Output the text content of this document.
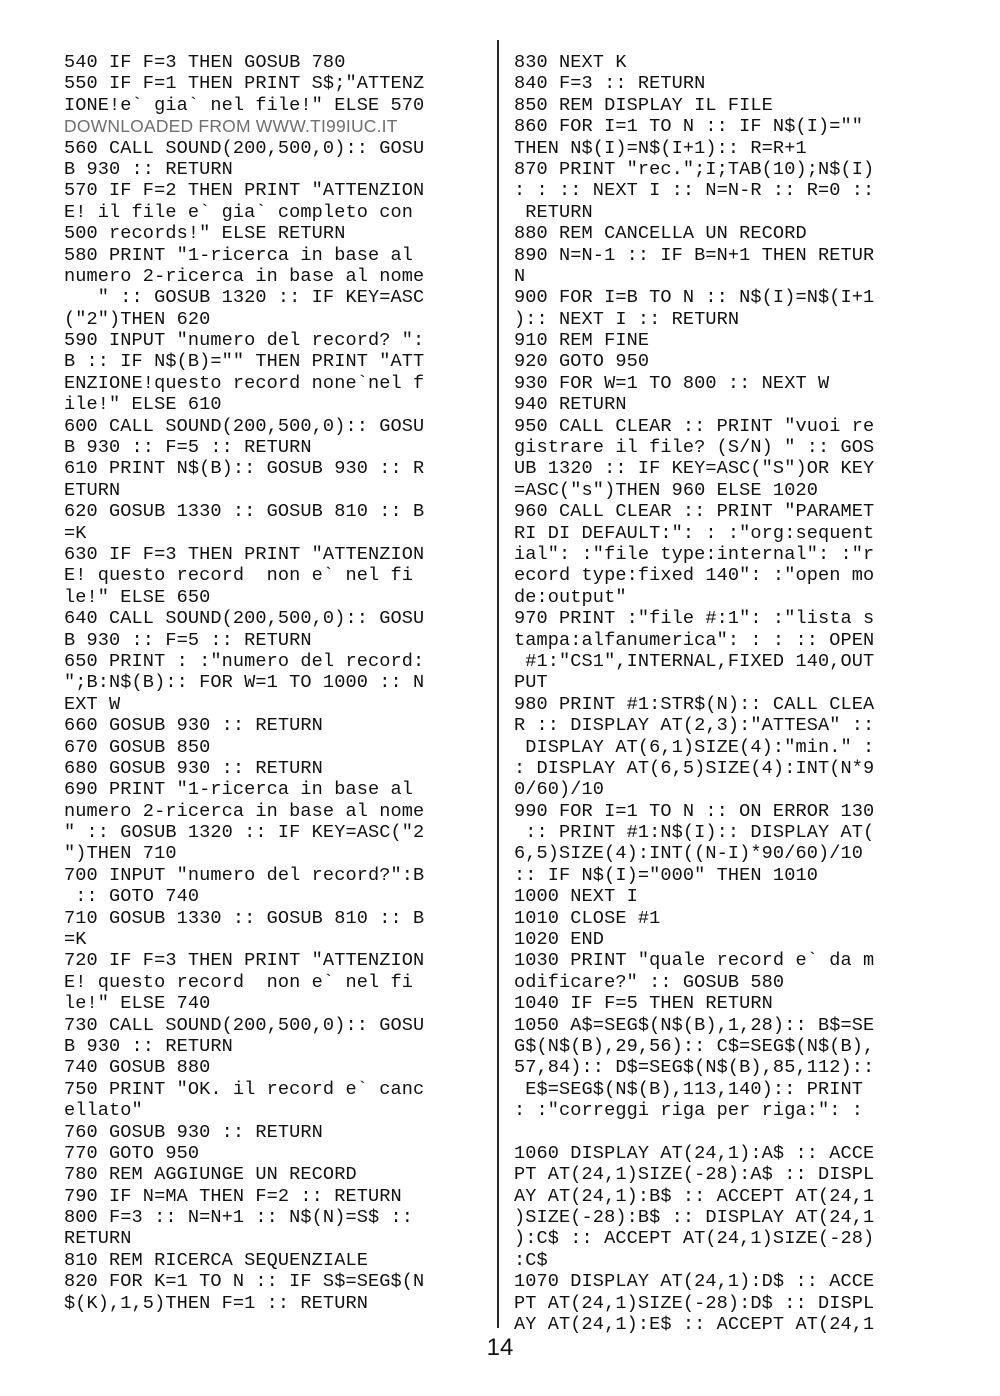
540 IF F=3 THEN GOSUB 780
550 IF F=1 THEN PRINT S$;"ATTENZ
IONE!e` gia` nel file!" ELSE 570
DOWNLOADED FROM WWW.TI99IUC.IT
560 CALL SOUND(200,500,0):: GOSU
B 930 :: RETURN
570 IF F=2 THEN PRINT "ATTENZION
E! il file e` gia` completo con
500 records!" ELSE RETURN
580 PRINT "1-ricerca in base al
numero 2-ricerca in base al nome
" :: GOSUB 1320 :: IF KEY=ASC
("2")THEN 620
590 INPUT "numero del record? ":
B :: IF N$(B)="" THEN PRINT "ATT
ENZIONE!questo record none`nel f
ile!" ELSE 610
600 CALL SOUND(200,500,0):: GOSU
B 930 :: F=5 :: RETURN
610 PRINT N$(B):: GOSUB 930 :: R
ETURN
620 GOSUB 1330 :: GOSUB 810 :: B
=K
630 IF F=3 THEN PRINT "ATTENZION
E! questo record  non e` nel fi
le!" ELSE 650
640 CALL SOUND(200,500,0):: GOSU
B 930 :: F=5 :: RETURN
650 PRINT : :"numero del record:
";B:N$(B):: FOR W=1 TO 1000 :: N
EXT W
660 GOSUB 930 :: RETURN
670 GOSUB 850
680 GOSUB 930 :: RETURN
690 PRINT "1-ricerca in base al
numero 2-ricerca in base al nome
" :: GOSUB 1320 :: IF KEY=ASC("2
")THEN 710
700 INPUT "numero del record?":B
:: GOTO 740
710 GOSUB 1330 :: GOSUB 810 :: B
=K
720 IF F=3 THEN PRINT "ATTENZION
E! questo record  non e` nel fi
le!" ELSE 740
730 CALL SOUND(200,500,0):: GOSU
B 930 :: RETURN
740 GOSUB 880
750 PRINT "OK. il record e` canc
ellato"
760 GOSUB 930 :: RETURN
770 GOTO 950
780 REM AGGIUNGE UN RECORD
790 IF N=MA THEN F=2 :: RETURN
800 F=3 :: N=N+1 :: N$(N)=S$ ::
RETURN
810 REM RICERCA SEQUENZIALE
820 FOR K=1 TO N :: IF S$=SEG$(N
$(K),1,5)THEN F=1 :: RETURN
830 NEXT K
840 F=3 :: RETURN
850 REM DISPLAY IL FILE
860 FOR I=1 TO N :: IF N$(I)=""
THEN N$(I)=N$(I+1):: R=R+1
870 PRINT "rec.";I;TAB(10);N$(I)
: : :: NEXT I :: N=N-R :: R=0 ::
RETURN
880 REM CANCELLA UN RECORD
890 N=N-1 :: IF B=N+1 THEN RETUR
N
900 FOR I=B TO N :: N$(I)=N$(I+1
):: NEXT I :: RETURN
910 REM FINE
920 GOTO 950
930 FOR W=1 TO 800 :: NEXT W
940 RETURN
950 CALL CLEAR :: PRINT "vuoi re
gistrare il file? (S/N) " :: GOS
UB 1320 :: IF KEY=ASC("S")OR KEY
=ASC("s")THEN 960 ELSE 1020
960 CALL CLEAR :: PRINT "PARAMET
RI DI DEFAULT:": : :"org:sequent
ial": :"file type:internal": :"r
ecord type:fixed 140": :"open mo
de:output"
970 PRINT :"file #:1": :"lista s
tampa:alfanumerica": : : :: OPEN
#1:"CS1",INTERNAL,FIXED 140,OUT
PUT
980 PRINT #1:STR$(N):: CALL CLEA
R :: DISPLAY AT(2,3):"ATTESA" ::
DISPLAY AT(6,1)SIZE(4):"min." :
: DISPLAY AT(6,5)SIZE(4):INT(N*9
0/60)/10
990 FOR I=1 TO N :: ON ERROR 130
:: PRINT #1:N$(I):: DISPLAY AT(
6,5)SIZE(4):INT((N-I)*90/60)/10
:: IF N$(I)="000" THEN 1010
1000 NEXT I
1010 CLOSE #1
1020 END
1030 PRINT "quale record e` da m
odificare?" :: GOSUB 580
1040 IF F=5 THEN RETURN
1050 A$=SEG$(N$(B),1,28):: B$=SE
G$(N$(B),29,56):: C$=SEG$(N$(B),
57,84):: D$=SEG$(N$(B),85,112)::
E$=SEG$(N$(B),113,140):: PRINT
: :"correggi riga per riga:": :
1060 DISPLAY AT(24,1):A$ :: ACCE
PT AT(24,1)SIZE(-28):A$ :: DISPL
AY AT(24,1):B$ :: ACCEPT AT(24,1
)SIZE(-28):B$ :: DISPLAY AT(24,1
):C$ :: ACCEPT AT(24,1)SIZE(-28)
:C$
1070 DISPLAY AT(24,1):D$ :: ACCE
PT AT(24,1)SIZE(-28):D$ :: DISPL
AY AT(24,1):E$ :: ACCEPT AT(24,1
14
